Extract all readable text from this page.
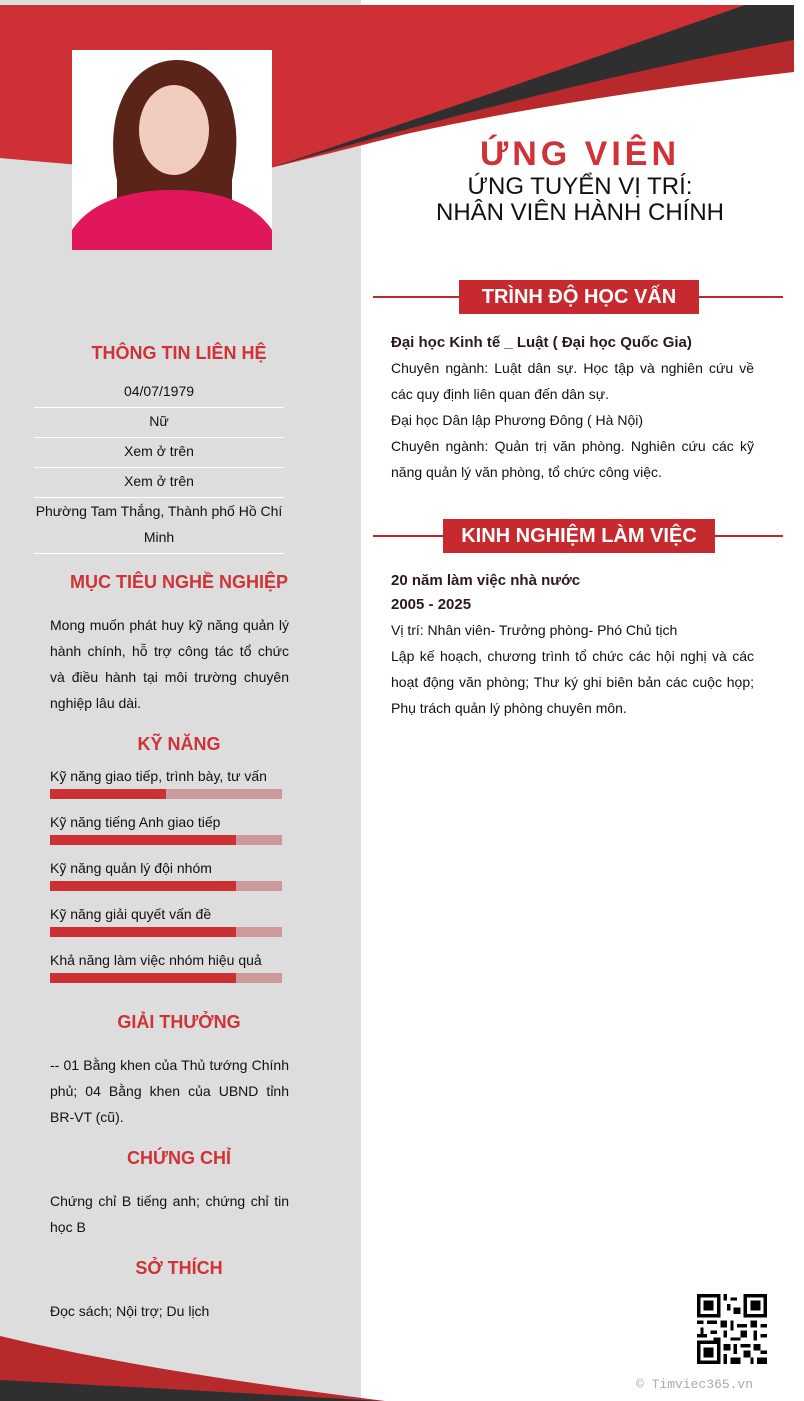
ỨNG VIÊN
ỨNG TUYỂN VỊ TRÍ:
NHÂN VIÊN HÀNH CHÍNH
THÔNG TIN LIÊN HỆ
04/07/1979
Nữ
Xem ở trên
Xem ở trên
Phường Tam Thắng, Thành phố Hồ Chí Minh
MỤC TIÊU NGHỀ NGHIỆP
Mong muốn phát huy kỹ năng quản lý hành chính, hỗ trợ công tác tổ chức và điều hành tại môi trường chuyên nghiệp lâu dài.
KỸ NĂNG
Kỹ năng giao tiếp, trình bày, tư vấn
Kỹ năng tiếng Anh giao tiếp
Kỹ năng quản lý đội nhóm
Kỹ năng giải quyết vấn đề
Khả năng làm việc nhóm hiệu quả
GIẢI THƯỞNG
-- 01 Bằng khen của Thủ tướng Chính phủ; 04 Bằng khen của UBND tỉnh BR-VT (cũ).
CHỨNG CHỈ
Chứng chỉ B tiếng anh; chứng chỉ tin học B
SỞ THÍCH
Đọc sách; Nội trợ; Du lịch
TRÌNH ĐỘ HỌC VẤN
Đại học Kinh tế _ Luật ( Đại học Quốc Gia)
Chuyên ngành: Luật dân sự. Học tập và nghiên cứu về các quy định liên quan đến dân sự.
Đại học Dân lập Phương Đông ( Hà Nội)
Chuyên ngành: Quản trị văn phòng. Nghiên cứu các kỹ năng quản lý văn phòng, tổ chức công việc.
KINH NGHIỆM LÀM VIỆC
20 năm làm việc nhà nước
2005 - 2025
Vị trí: Nhân viên- Trưởng phòng- Phó Chủ tịch
Lập kế hoạch, chương trình tổ chức các hội nghị và các hoạt động văn phòng; Thư ký ghi biên bản các cuộc họp; Phụ trách quản lý phòng chuyên môn.
© Timviec365.vn
